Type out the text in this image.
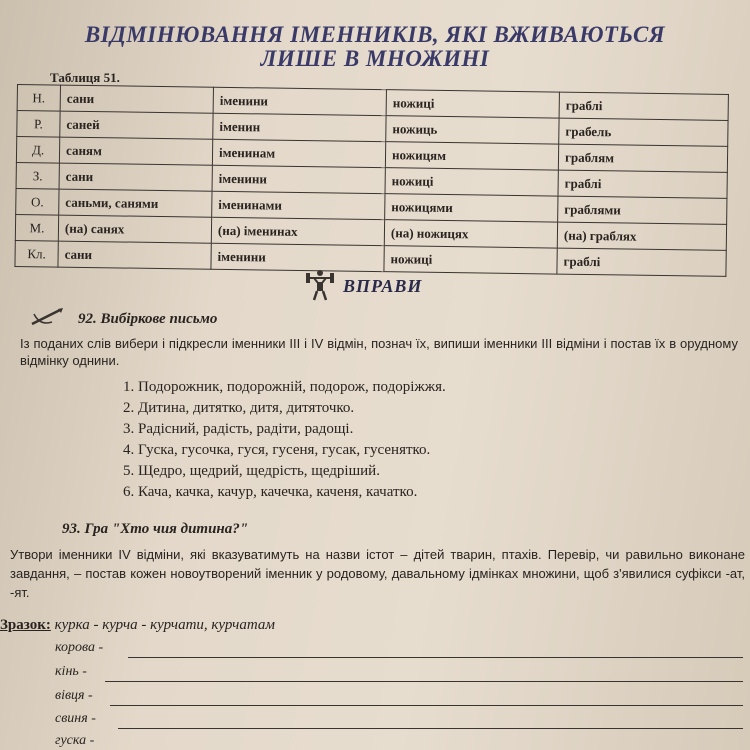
ВІДМІНЮВАННЯ ІМЕННИКІВ, ЯКІ ВЖИВАЮТЬСЯ
ЛИШЕ В МНОЖИНІ
Таблиця 51.
Н.	сани	іменини	ножиці	граблі
Р.	саней	іменин	ножиць	грабель
Д.	саням	іменинам	ножицям	граблям
З.	сани	іменини	ножиці	граблі
О.	саньми, санями	іменинами	ножицями	граблями
М.	(на) санях	(на) іменинах	(на) ножицях	(на) граблях
Кл.	сани	іменини	ножиці	граблі
ВПРАВИ
92. Вибіркове письмо
Із поданих слів вибери і підкресли іменники ІІІ і IV відмін, познач їх, випиши іменники ІІІ відміни і постав їх в орудному відмінку однини.
1. Подорожник, подорожній, подорож, подоріжжя.
2. Дитина, дитятко, дитя, дитяточко.
3. Радісний, радість, радіти, радощі.
4. Гуска, гусочка, гуся, гусеня, гусак, гусенятко.
5. Щедро, щедрий, щедрість, щедріший.
6. Кача, качка, качур, качечка, каченя, качатко.
93. Гра "Хто чия дитина?"
Утвори іменники IV відміни, які вказуватимуть на назви істот – дітей тварин, птахів. Перевір, чи равильно виконане завдання, – постав кожен новоутворений іменник у родовому, давальному ідмінках множини, щоб з'явилися суфікси -ат, -ят.
Зразок: курка - курча - курчати, курчатам
корова -
кінь -
вівця -
свиня -
гуска -
